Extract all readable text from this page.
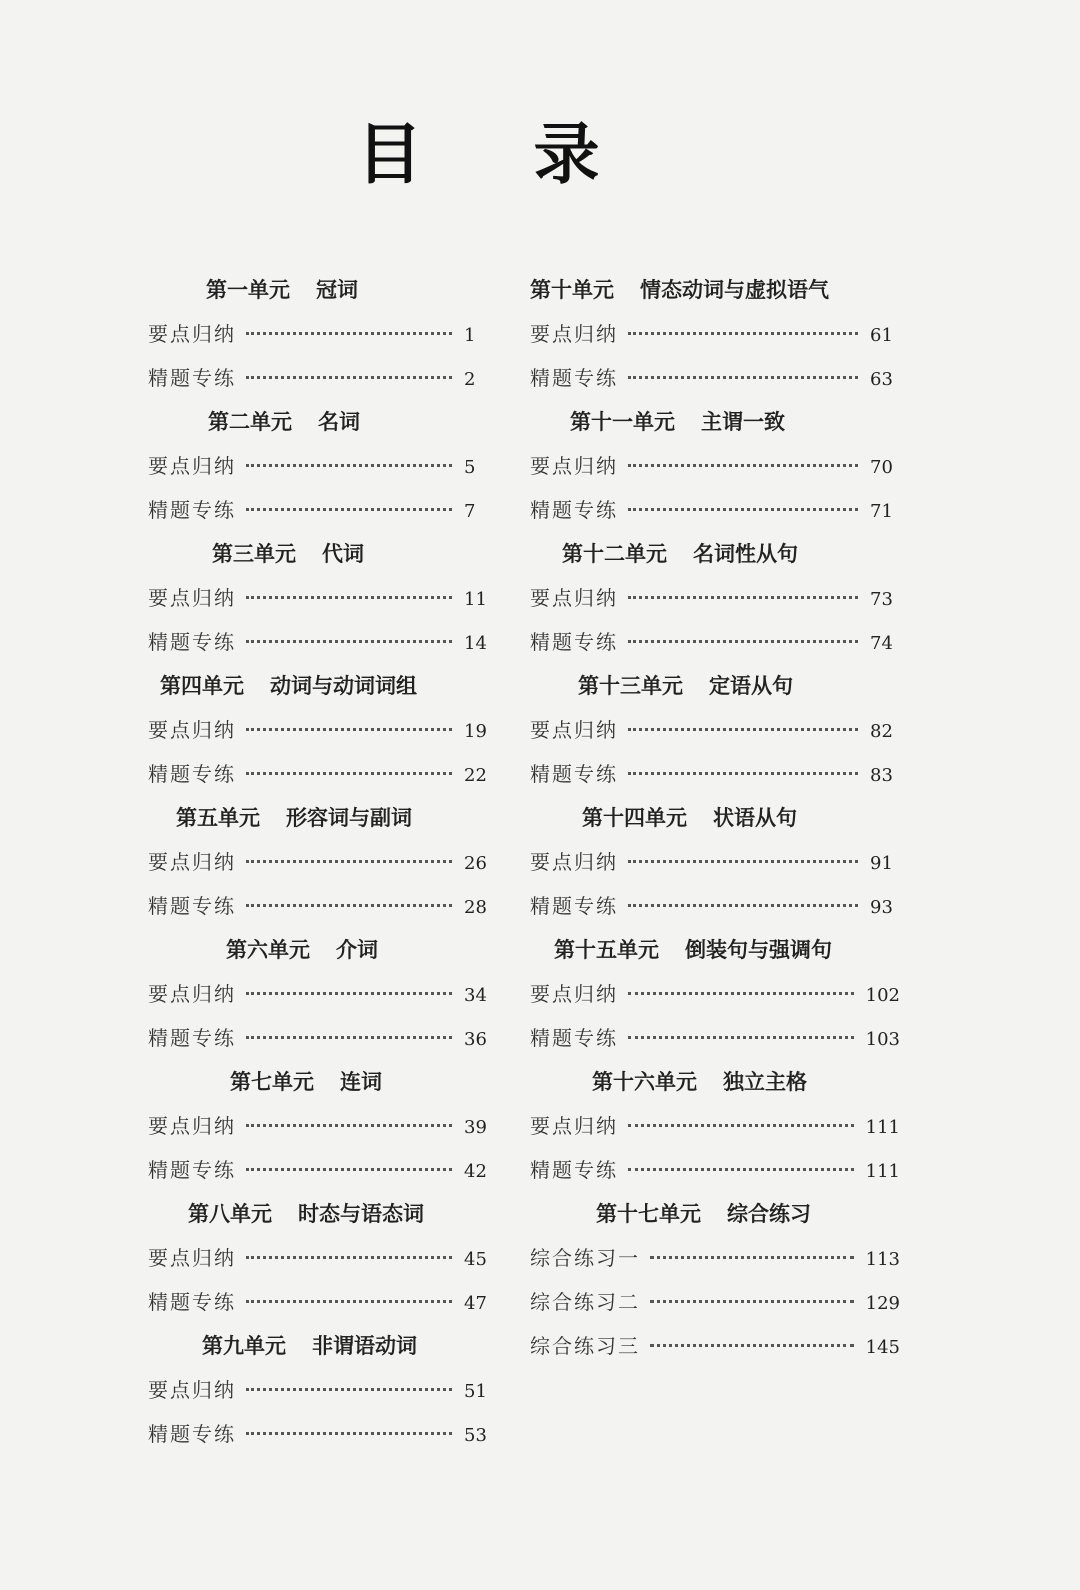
目 录
第一单元 冠词
要点归纳	1
精题专练	2
第二单元 名词
要点归纳	5
精题专练	7
第三单元 代词
要点归纳	11
精题专练	14
第四单元 动词与动词词组
要点归纳	19
精题专练	22
第五单元 形容词与副词
要点归纳	26
精题专练	28
第六单元 介词
要点归纳	34
精题专练	36
第七单元 连词
要点归纳	39
精题专练	42
第八单元 时态与语态词
要点归纳	45
精题专练	47
第九单元 非谓语动词
要点归纳	51
精题专练	53
第十单元 情态动词与虚拟语气
要点归纳	61
精题专练	63
第十一单元 主谓一致
要点归纳	70
精题专练	71
第十二单元 名词性从句
要点归纳	73
精题专练	74
第十三单元 定语从句
要点归纳	82
精题专练	83
第十四单元 状语从句
要点归纳	91
精题专练	93
第十五单元 倒装句与强调句
要点归纳	102
精题专练	103
第十六单元 独立主格
要点归纳	111
精题专练	111
第十七单元 综合练习
综合练习一	113
综合练习二	129
综合练习三	145
